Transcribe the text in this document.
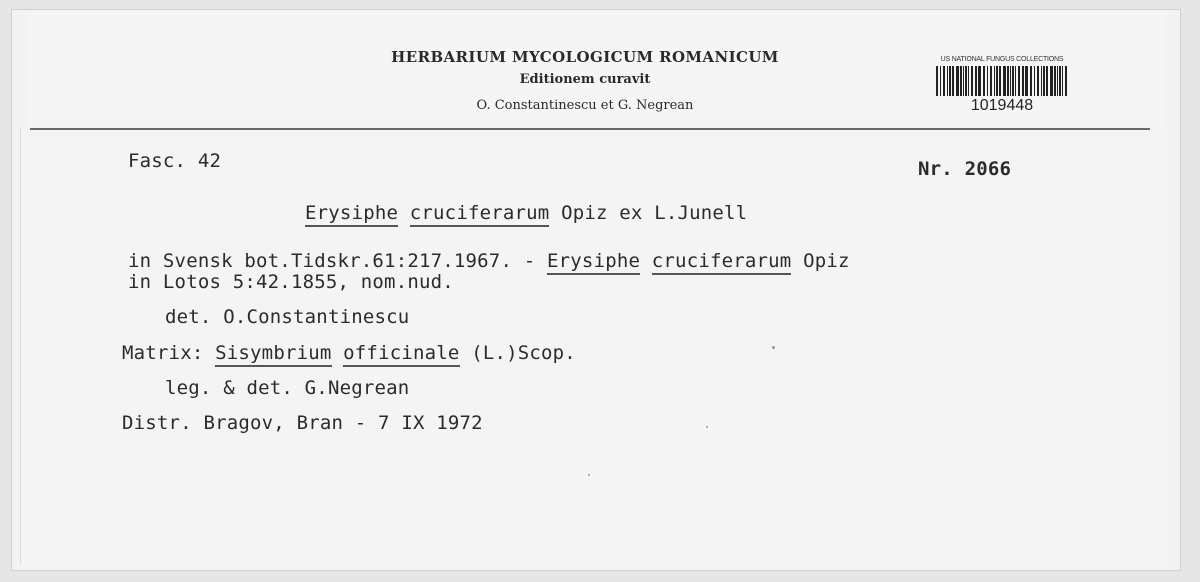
HERBARIUM MYCOLOGICUM ROMANICUM
Editionem curavit
O. Constantinescu et G. Negrean
US NATIONAL FUNGUS COLLECTIONS
1019448
Fasc. 42	Nr. 2066
Erysiphe cruciferarum Opiz ex L.Junell
in Svensk bot.Tidskr.61:217.1967. - Erysiphe cruciferarum Opiz
in Lotos 5:42.1855, nom.nud.
det. O.Constantinescu
Matrix: Sisymbrium officinale (L.)Scop.
leg. & det. G.Negrean
Distr. Bragov, Bran - 7 IX 1972
